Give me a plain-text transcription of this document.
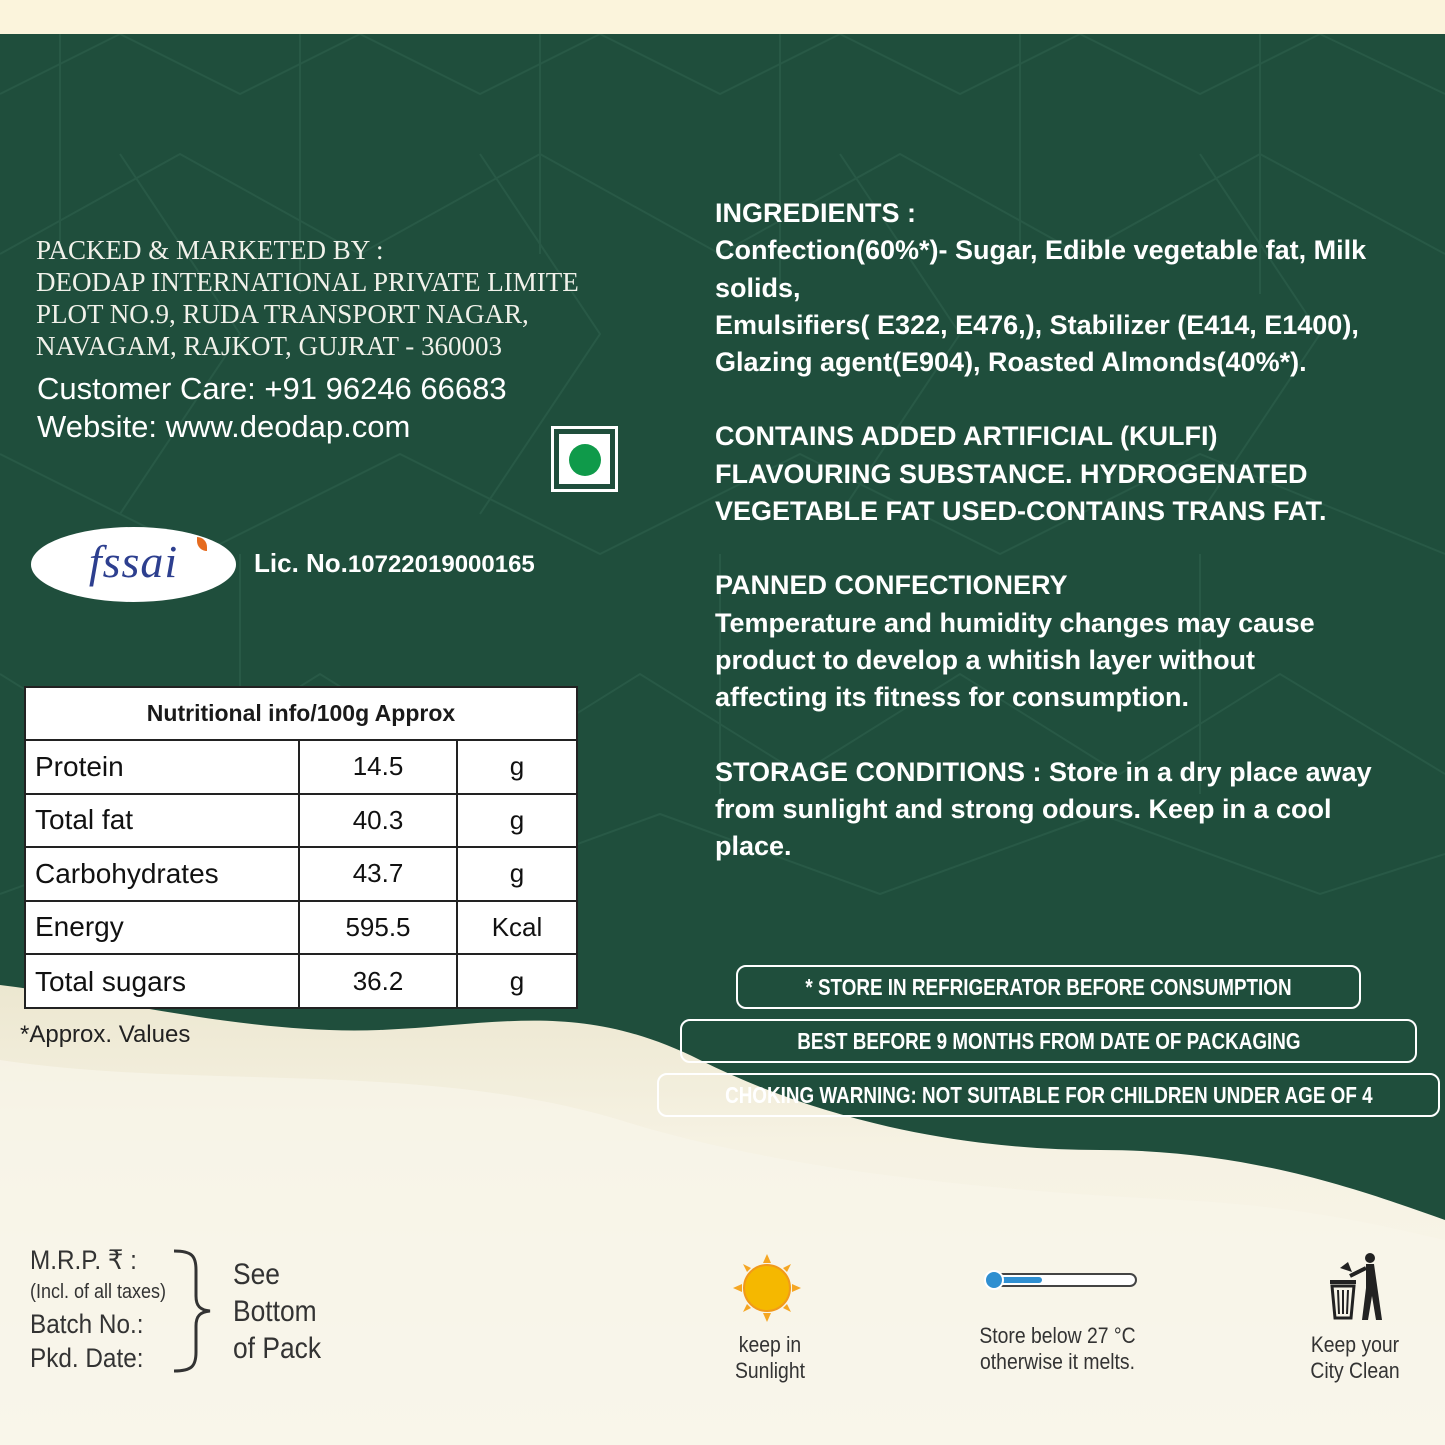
PACKED & MARKETED BY :
DEODAP INTERNATIONAL PRIVATE LIMITE
PLOT NO.9, RUDA TRANSPORT NAGAR,
NAVAGAM, RAJKOT, GUJRAT - 360003
Customer Care: +91 96246 66683
Website: www.deodap.com
fssai	Lic. No.10722019000165
Nutritional info/100g Approx
Protein	14.5	g
Total fat	40.3	g
Carbohydrates	43.7	g
Energy	595.5	Kcal
Total sugars	36.2	g
*Approx. Values
INGREDIENTS :
Confection(60%*)- Sugar, Edible vegetable fat, Milk
solids,
Emulsifiers( E322, E476,), Stabilizer (E414, E1400),
Glazing agent(E904), Roasted Almonds(40%*).
CONTAINS ADDED ARTIFICIAL (KULFI)
FLAVOURING SUBSTANCE. HYDROGENATED
VEGETABLE FAT USED-CONTAINS TRANS FAT.
PANNED CONFECTIONERY
Temperature and humidity changes may cause
product to develop a whitish layer without
affecting its fitness for consumption.
STORAGE CONDITIONS : Store in a dry place away
from sunlight and strong odours. Keep in a cool
place.
* STORE IN REFRIGERATOR BEFORE CONSUMPTION
BEST BEFORE 9 MONTHS FROM DATE OF PACKAGING
CHOKING WARNING: NOT SUITABLE FOR CHILDREN UNDER AGE OF 4
M.R.P. ₹ :
(Incl. of all taxes)
Batch No.:
Pkd. Date:
See
Bottom
of Pack	keep in
Sunlight
Store below 27 °C
otherwise it melts.
Keep your
City Clean
